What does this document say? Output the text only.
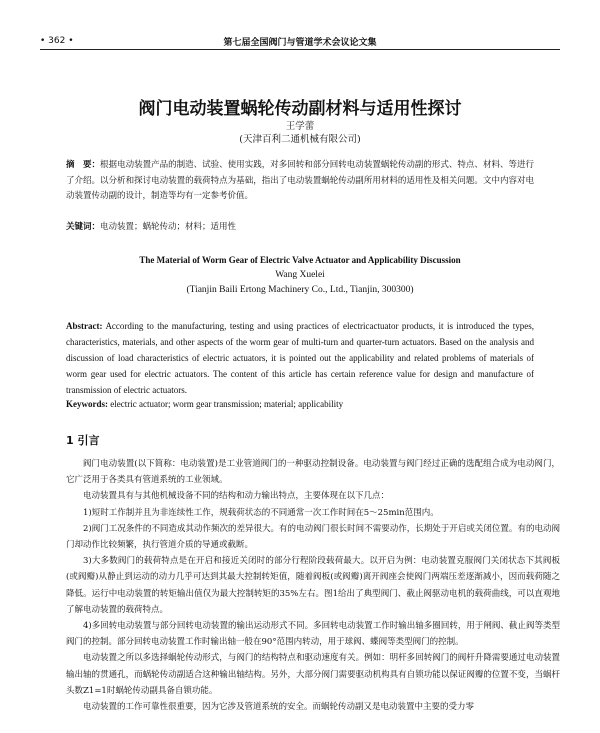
• 362 •	第七届全国阀门与管道学术会议论文集
阀门电动装置蜗轮传动副材料与适用性探讨
王学蕾
(天津百利二通机械有限公司)
摘　要：根据电动装置产品的制造、试验、使用实践，对多回转和部分回转电动装置蜗轮传动副的形式、特点、材料、等进行了介绍。以分析和探讨电动装置的载荷特点为基础，指出了电动装置蜗轮传动副所用材料的适用性及相关问题。文中内容对电动装置传动副的设计，制造等均有一定参考价值。
关键词：电动装置；蜗轮传动；材料；适用性
The Material of Worm Gear of Electric Valve Actuator and Applicability Discussion
Wang Xuelei
(Tianjin Baili Ertong Machinery Co., Ltd., Tianjin, 300300)
Abstract: According to the manufacturing, testing and using practices of electricactuator products, it is introduced the types, characteristics, materials, and other aspects of the worm gear of multi-turn and quarter-turn actuators. Based on the analysis and discussion of load characteristics of electric actuators, it is pointed out the applicability and related problems of materials of worm gear used for electric actuators. The content of this article has certain reference value for design and manufacture of transmission of electric actuators.
Keywords: electric actuator; worm gear transmission; material; applicability
1 引言

阀门电动装置(以下简称：电动装置)是工业管道阀门的一种驱动控制设备。电动装置与阀门经过正确的选配组合成为电动阀门，它广泛用于各类具有管道系统的工业领域。

电动装置具有与其他机械设备不同的结构和动力输出特点，主要体现在以下几点：

1)短时工作制并且为非连续性工作，规载荷状态的不同通常一次工作时间在5～25min范围内。

2)阀门工况条件的不同造成其动作频次的差异很大。有的电动阀门很长时间不需要动作，长期处于开启或关闭位置。有的电动阀门却动作比较频繁，执行管道介质的导通或截断。

3)大多数阀门的载荷特点是在开启和接近关闭时的部分行程阶段载荷最大。以开启为例：电动装置克服阀门关闭状态下其阀板(或阀瓣)从静止到运动的动力几乎可达到其最大控制转矩值，随着阀板(或阀瓣)离开阀座会使阀门两端压差逐渐减小，因而载荷随之降低。运行中电动装置的转矩输出值仅为最大控制转矩的35%左右。图1给出了典型阀门、截止阀驱动电机的载荷曲线，可以直观地了解电动装置的载荷特点。

4)多回转电动装置与部分回转电动装置的输出运动形式不同。多回转电动装置工作时输出轴多圈回转，用于闸阀、截止阀等类型阀门的控制。部分回转电动装置工作时输出轴一般在90°范围内转动，用于球阀、蝶阀等类型阀门的控制。

电动装置之所以多选择蜗轮传动形式，与阀门的结构特点和驱动速度有关。例如：明杆多回转阀门的阀杆升降需要通过电动装置输出轴的贯通孔，而蜗轮传动副适合这种输出轴结构。另外，大部分阀门需要驱动机构具有自锁功能以保证阀瓣的位置不变，当蜗杆头数Z1=1时蜗轮传动副具备自锁功能。

电动装置的工作可靠性很重要，因为它涉及管道系统的安全。而蜗轮传动副又是电动装置中主要的受力零
